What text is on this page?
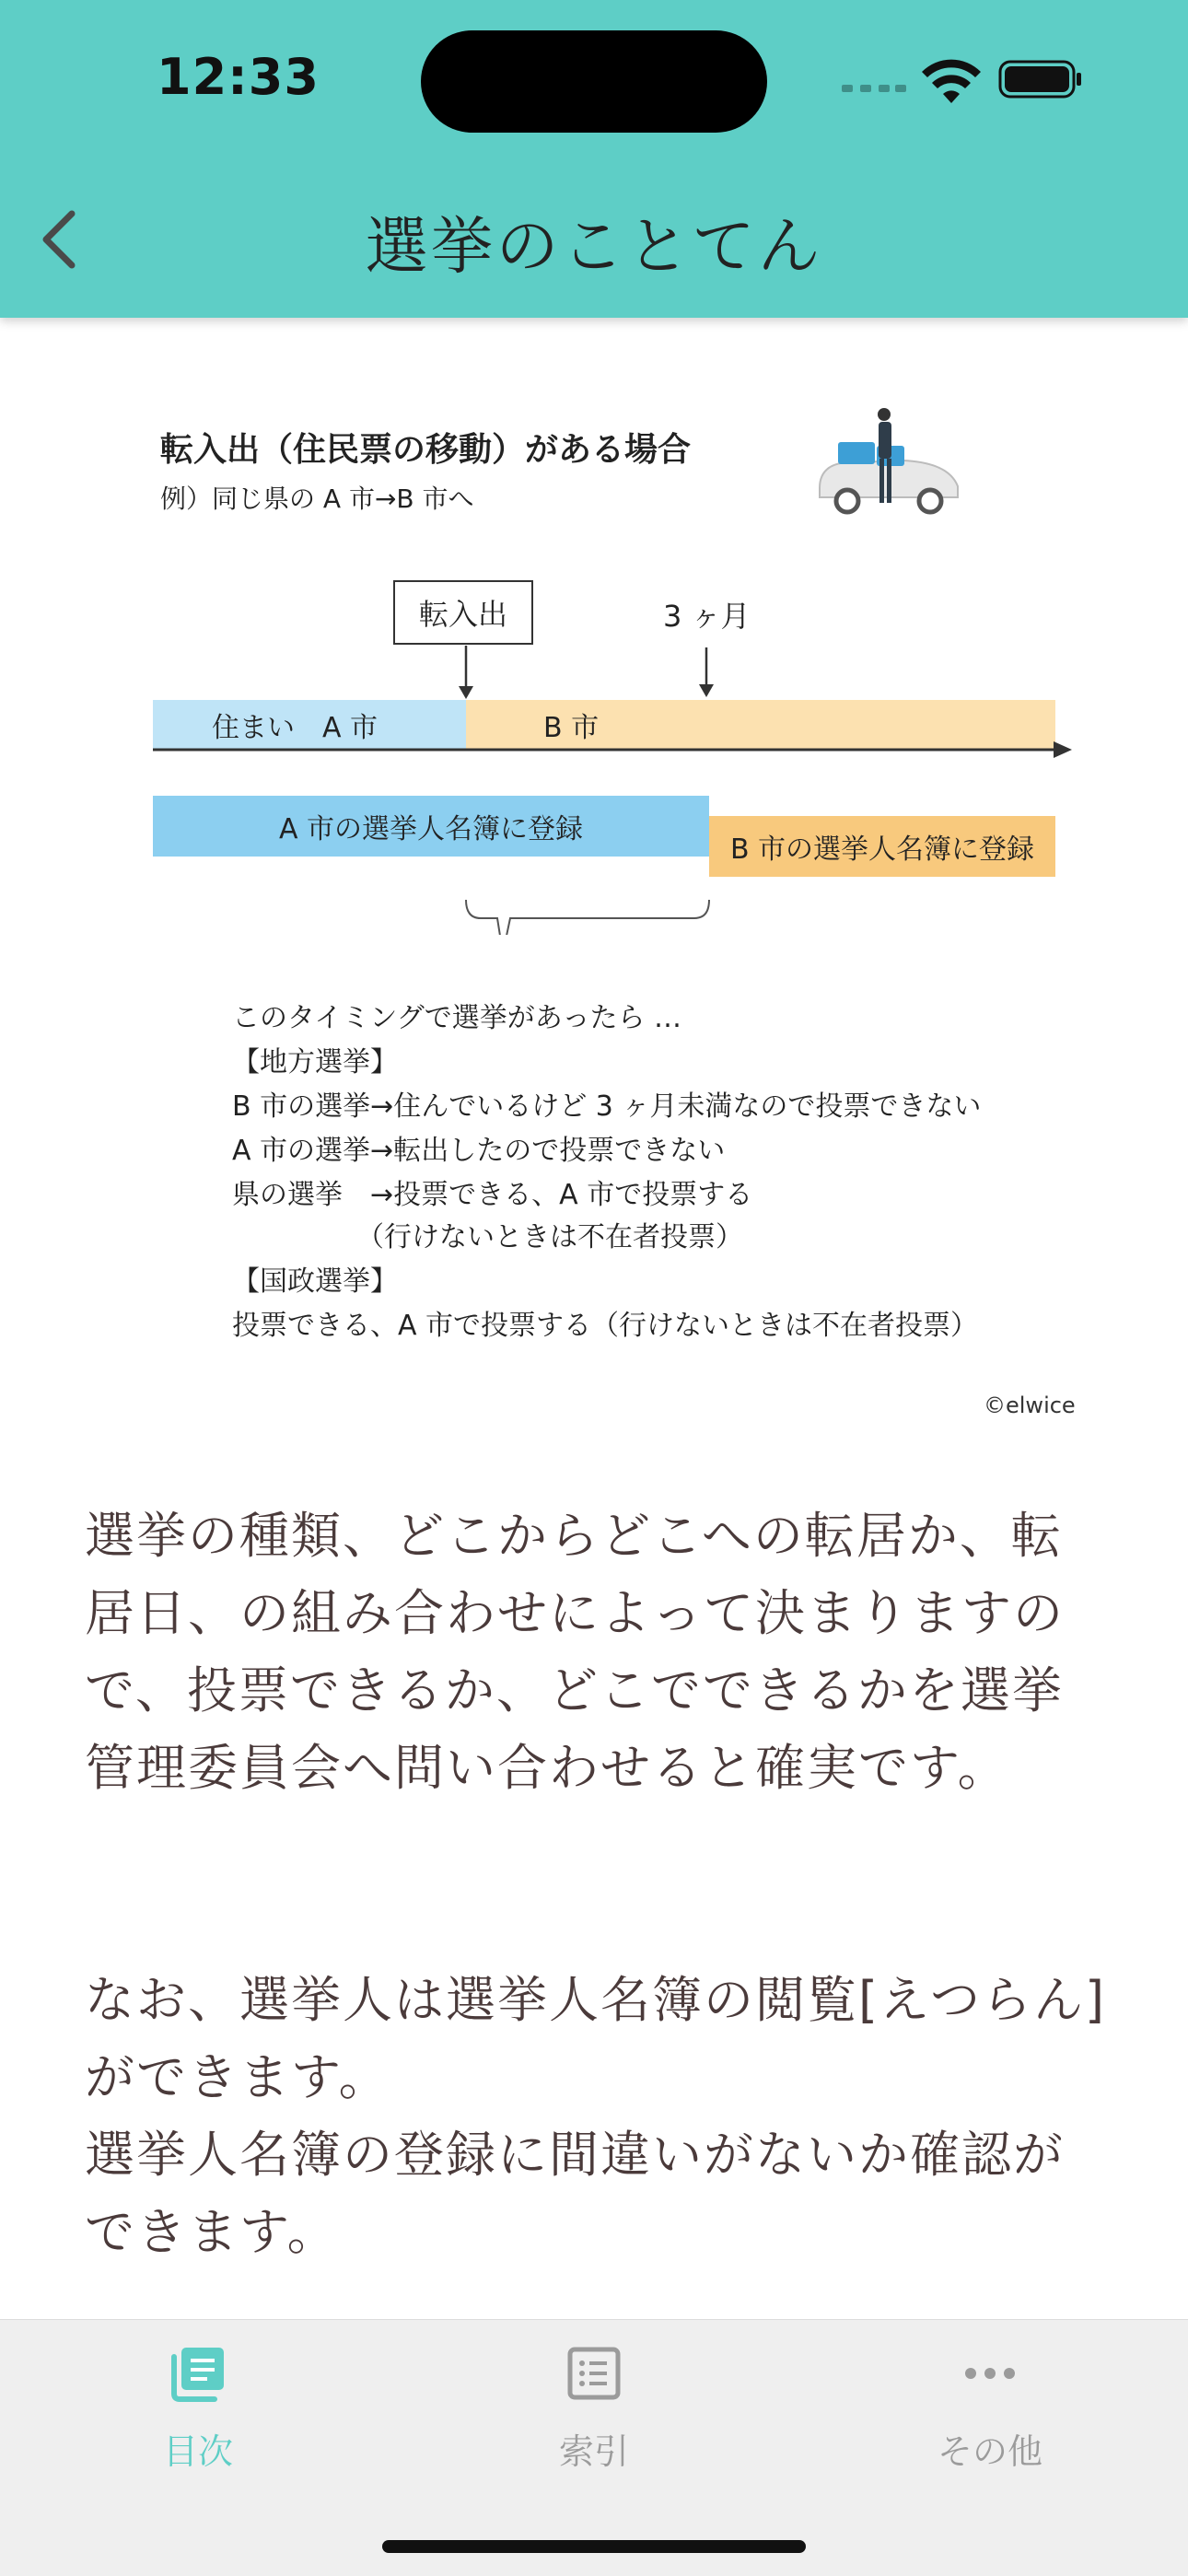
12:33
選挙のことてん
転入出（住民票の移動）がある場合
例）同じ県の A 市→B 市へ
転入出	3 ヶ月
住まい　A 市	B 市
A 市の選挙人名簿に登録
B 市の選挙人名簿に登録
このタイミングで選挙があったら …
【地方選挙】
B 市の選挙→住んでいるけど 3 ヶ月未満なので投票できない
A 市の選挙→転出したので投票できない
県の選挙　→投票できる、A 市で投票する
　　　　　（行けないときは不在者投票）
【国政選挙】
投票できる、A 市で投票する（行けないときは不在者投票）
©elwice
選挙の種類、どこからどこへの転居か、転
居日、の組み合わせによって決まりますの
で、投票できるか、どこでできるかを選挙
管理委員会へ問い合わせると確実です。
なお、選挙人は選挙人名簿の閲覧[えつらん]
ができます。
選挙人名簿の登録に間違いがないか確認が
できます。
目次	索引	その他
